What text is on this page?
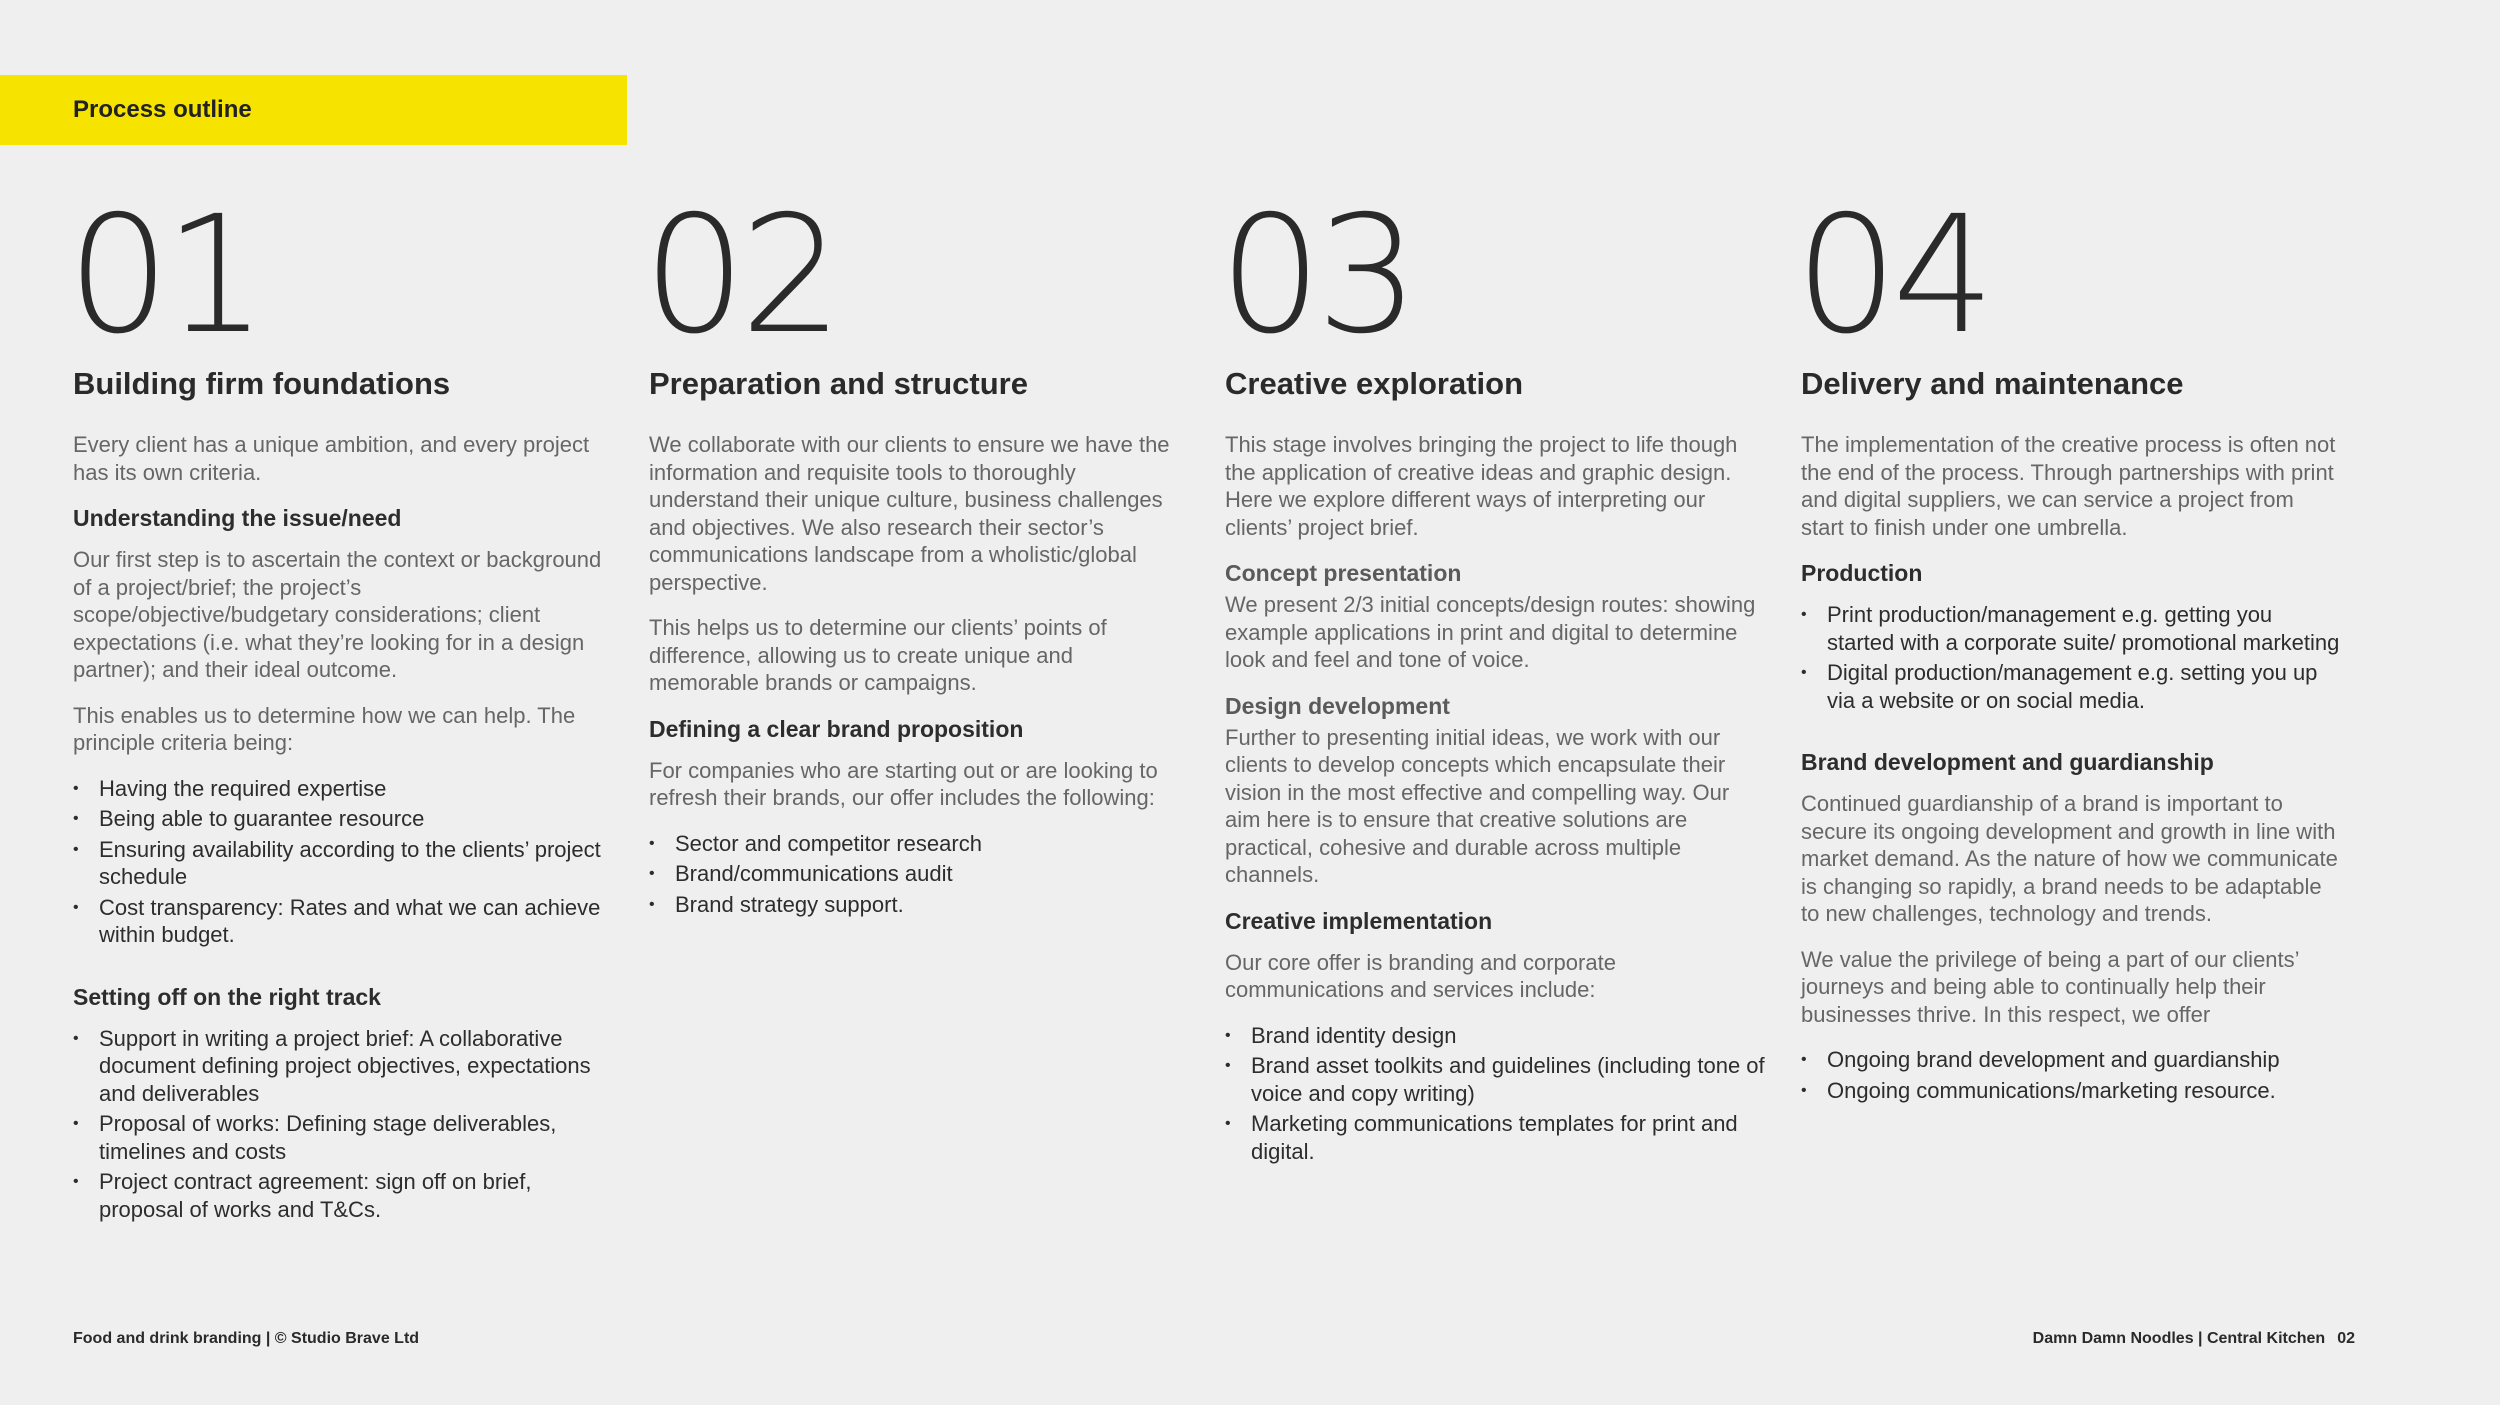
Process outline
01
Building firm foundations
Every client has a unique ambition, and every project has its own criteria.
Understanding the issue/need
Our first step is to ascertain the context or background of a project/brief; the project’s scope/objective/budgetary considerations; client expectations (i.e. what they’re looking for in a design partner); and their ideal outcome.
This enables us to determine how we can help. The principle criteria being:
• Having the required expertise
• Being able to guarantee resource
• Ensuring availability according to the clients’ project schedule
• Cost transparency: Rates and what we can achieve within budget.
Setting off on the right track
• Support in writing a project brief: A collaborative document defining project objectives, expectations and deliverables
• Proposal of works: Defining stage deliverables, timelines and costs
• Project contract agreement: sign off on brief, proposal of works and T&Cs.
02
Preparation and structure
We collaborate with our clients to ensure we have the information and requisite tools to thoroughly understand their unique culture, business challenges and objectives. We also research their sector’s communications landscape from a wholistic/global perspective.
This helps us to determine our clients’ points of difference, allowing us to create unique and memorable brands or campaigns.
Defining a clear brand proposition
For companies who are starting out or are looking to refresh their brands, our offer includes the following:
• Sector and competitor research
• Brand/communications audit
• Brand strategy support.
03
Creative exploration
This stage involves bringing the project to life though the application of creative ideas and graphic design. Here we explore different ways of interpreting our clients’ project brief.
Concept presentation
We present 2/3 initial concepts/design routes: showing example applications in print and digital to determine look and feel and tone of voice.
Design development
Further to presenting initial ideas, we work with our clients to develop concepts which encapsulate their vision in the most effective and compelling way. Our aim here is to ensure that creative solutions are practical, cohesive and durable across multiple channels.
Creative implementation
Our core offer is branding and corporate communications and services include:
• Brand identity design
• Brand asset toolkits and guidelines (including tone of voice and copy writing)
• Marketing communications templates for print and digital.
04
Delivery and maintenance
The implementation of the creative process is often not the end of the process. Through partnerships with print and digital suppliers, we can service a project from start to finish under one umbrella.
Production
• Print production/management e.g. getting you started with a corporate suite/ promotional marketing
• Digital production/management e.g. setting you up via a website or on social media.
Brand development and guardianship
Continued guardianship of a brand is important to secure its ongoing development and growth in line with market demand. As the nature of how we communicate is changing so rapidly, a brand needs to be adaptable to new challenges, technology and trends.
We value the privilege of being a part of our clients’ journeys and being able to continually help their businesses thrive. In this respect, we offer
• Ongoing brand development and guardianship
• Ongoing communications/marketing resource.
Food and drink branding | © Studio Brave Ltd	Damn Damn Noodles | Central Kitchen 02
